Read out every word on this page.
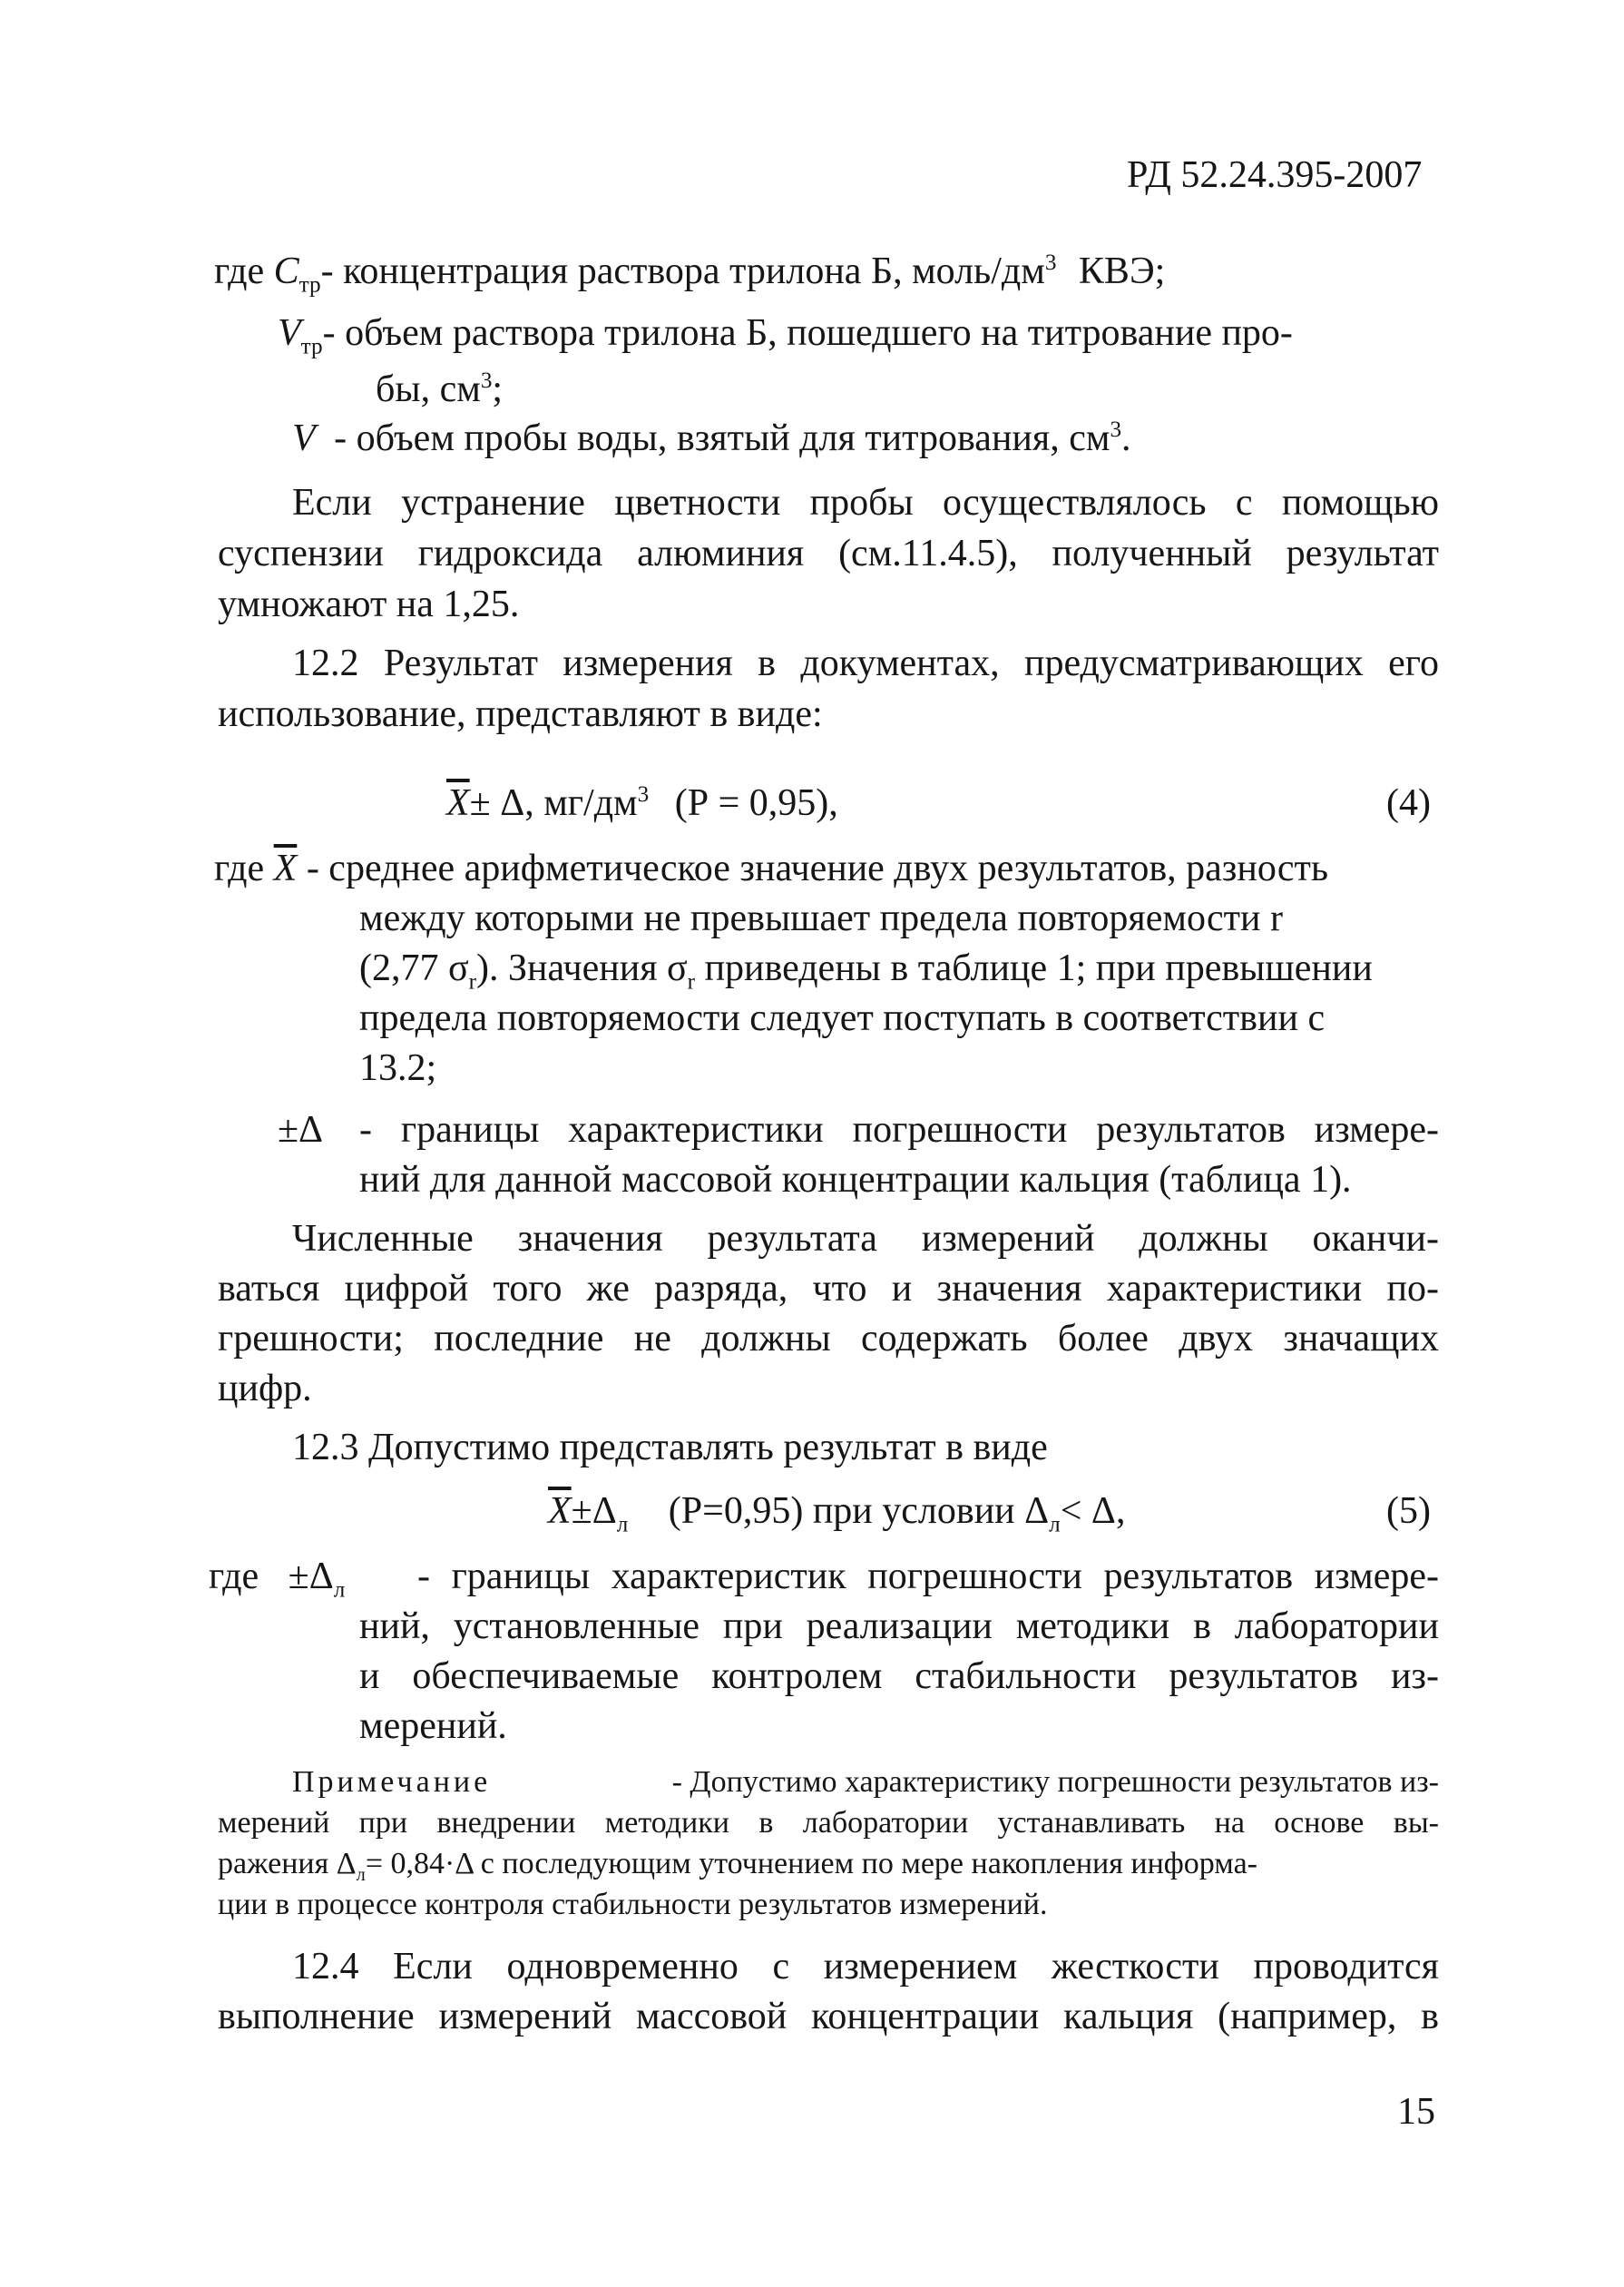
РД 52.24.395-2007
где $C_{тр}-$ концентрация раствора трилона Б, моль/$дм^3$ КВЭ;
$V_{тр}-$ объем раствора трилона Б, пошедшего на титрование про-
бы, $см^3$;
V - объем пробы воды, взятый для титрования, $см^3$.
Если устранение цветности пробы осуществлялось с помощью
суспензии гидроксида алюминия (см.11.4.5), полученный результат
умножают на 1,25.
12.2 Результат измерения в документах, предусматривающих его
использование, представляют в виде:
$\overline{X}\pm \Delta$, $мг/дм^3$ (Р = 0,95),	(4)
где $\overline{X}$ - среднее арифметическое значение двух результатов, разность
между которыми не превышает предела повторяемости r
(2,77 $\sigma_r$). Значения $\sigma_r$ приведены в таблице 1; при превышении
предела повторяемости следует поступать в соответствии с
13.2;
±Δ - границы характеристики погрешности результатов измере-
ний для данной массовой концентрации кальция (таблица 1).
Численные значения результата измерений должны оканчи-
ваться цифрой того же разряда, что и значения характеристики по-
грешности; последние не должны содержать более двух значащих
цифр.
12.3 Допустимо представлять результат в виде
$\overline{X}\pm\Delta_л$ (Р=0,95) при условии $\Delta_л< \Delta$,	(5)
где $\pm\Delta_л$ - границы характеристик погрешности результатов измере-
ний, установленные при реализации методики в лаборатории
и обеспечиваемые контролем стабильности результатов из-
мерений.
Примечание	- Допустимо характеристику погрешности результатов из-
мерений при внедрении методики в лаборатории устанавливать на основе вы-
ражения $\Delta_л= 0,84\cdot\Delta$ с последующим уточнением по мере накопления информа-
ции в процессе контроля стабильности результатов измерений.
12.4 Если одновременно с измерением жесткости проводится
выполнение измерений массовой концентрации кальция (например, в
15
